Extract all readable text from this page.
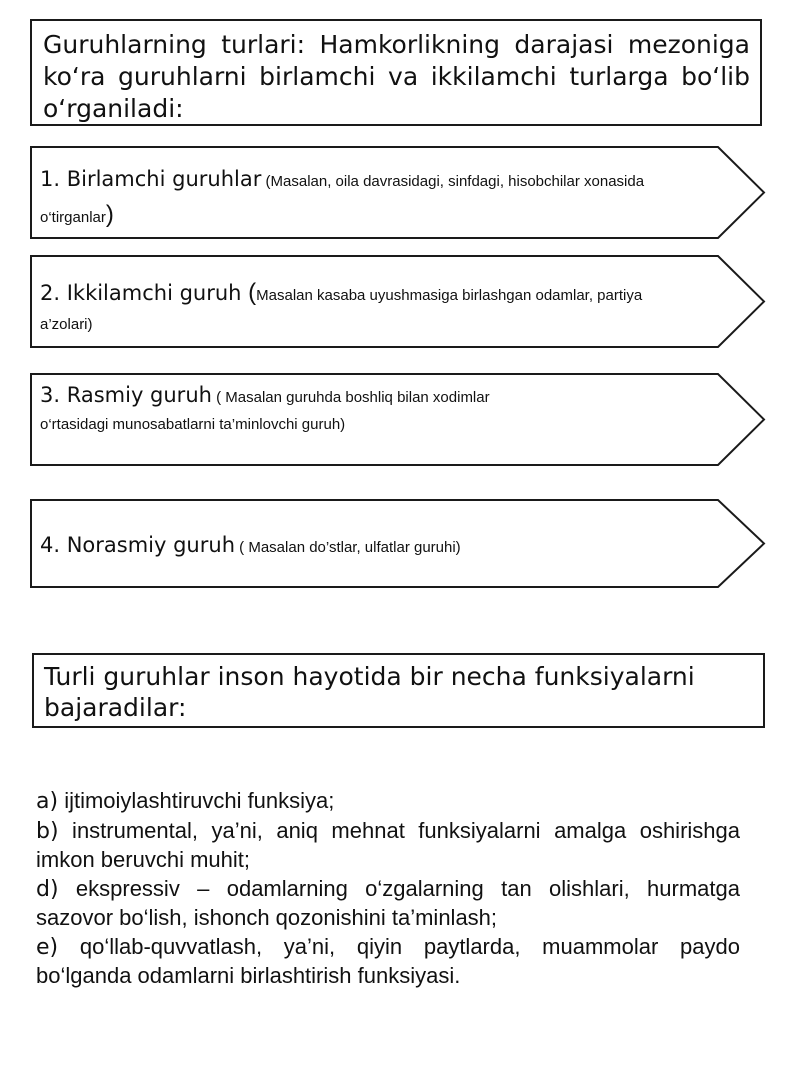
Guruhlarning turlari: Hamkorlikning darajasi mezoniga ko‘ra guruhlarni birlamchi va ikkilamchi turlarga bo‘lib o‘rganiladi:
1. Birlamchi guruhlar (Masalan, oila davrasidagi, sinfdagi, hisobchilar xonasida o‘tirganlar)
2. Ikkilamchi guruh (Masalan kasaba uyushmasiga birlashgan odamlar, partiya a’zolari)
3. Rasmiy guruh ( Masalan guruhda boshliq bilan xodimlar o‘rtasidagi munosabatlarni ta’minlovchi guruh)
4. Norasmiy guruh ( Masalan do’stlar, ulfatlar guruhi)
Turli guruhlar inson hayotida bir necha funksiyalarni bajaradilar:

a) ijtimoiylashtiruvchi funksiya;

b) instrumental, ya’ni, aniq mehnat funksiyalarni amalga oshirishga imkon beruvchi muhit;

d) ekspressiv – odamlarning o‘zgalarning tan olishlari, hurmatga sazovor bo‘lish, ishonch qozonishini ta’minlash;

e) qo‘llab-quvvatlash, ya’ni, qiyin paytlarda, muammolar paydo bo‘lganda odamlarni birlashtirish funksiyasi.
